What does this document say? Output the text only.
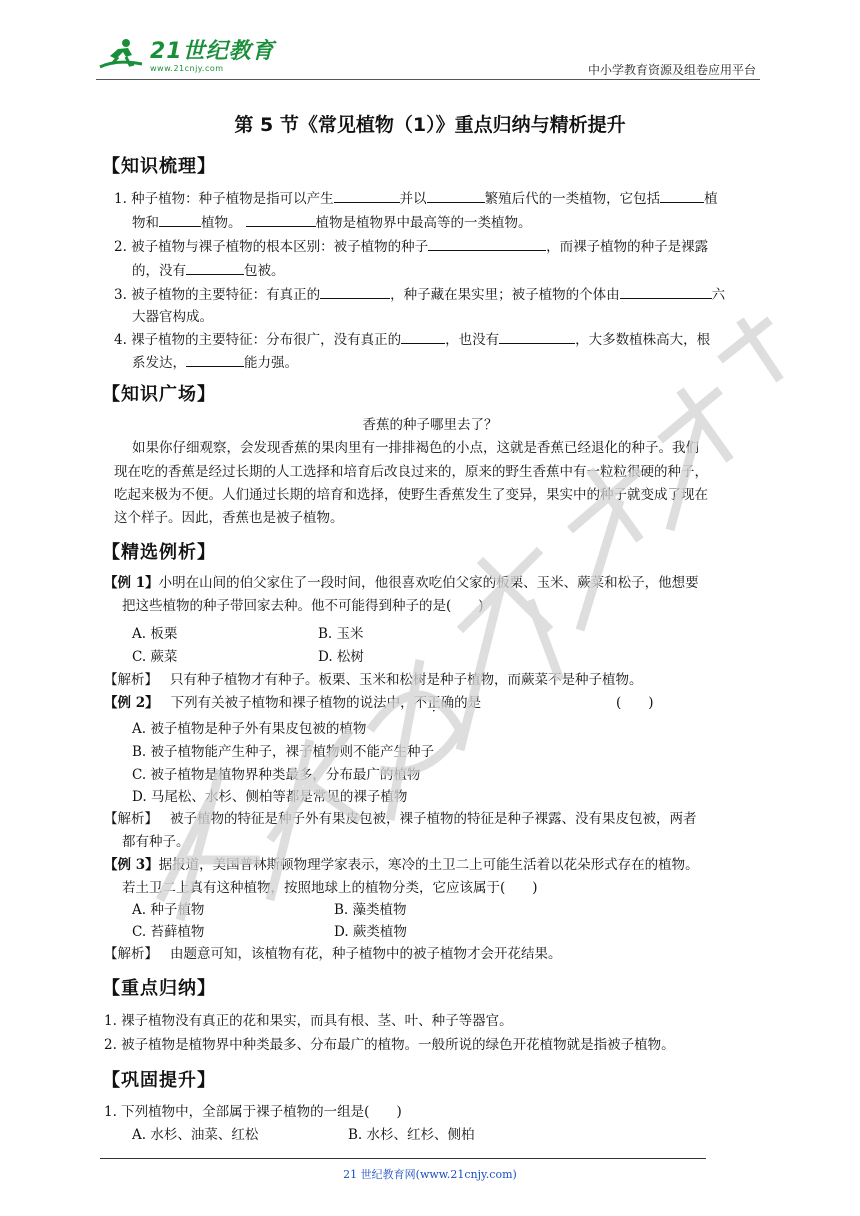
21世纪教育
www.21cnjy.com	中小学教育资源及组卷应用平台
第 5 节《常见植物（1）》重点归纳与精析提升
【知识梳理】
1. 种子植物：种子植物是指可以产生	并以	繁殖后代的一类植物，它包括	植
物和	植物。	植物是植物界中最高等的一类植物。
2. 被子植物与裸子植物的根本区别：被子植物的种子	，而裸子植物的种子是裸露
的，没有	包被。
3. 被子植物的主要特征：有真正的	，种子藏在果实里；被子植物的个体由	六
大器官构成。
4. 裸子植物的主要特征：分布很广，没有真正的	，也没有	，大多数植株高大，根
系发达，	能力强。
【知识广场】
香蕉的种子哪里去了？
如果你仔细观察，会发现香蕉的果肉里有一排排褐色的小点，这就是香蕉已经退化的种子。我们
现在吃的香蕉是经过长期的人工选择和培育后改良过来的，原来的野生香蕉中有一粒粒很硬的种子，
吃起来极为不便。人们通过长期的培育和选择，使野生香蕉发生了变异，果实中的种子就变成了现在
这个样子。因此，香蕉也是被子植物。
【精选例析】
【例 1】小明在山间的伯父家住了一段时间，他很喜欢吃伯父家的板栗、玉米、蕨菜和松子，他想要
把这些植物的种子带回家去种。他不可能得到种子的是(　　)
A. 板栗	B. 玉米
C. 蕨菜	D. 松树
【解析】 只有种子植物才有种子。板栗、玉米和松树是种子植物，而蕨菜不是种子植物。
【例 2】 下列有关被子植物和裸子植物的说法中，不正确的是	(　　)
A. 被子植物是种子外有果皮包被的植物
B. 被子植物能产生种子，裸子植物则不能产生种子
C. 被子植物是植物界种类最多，分布最广的植物
D. 马尾松、水杉、侧柏等都是常见的裸子植物
【解析】 被子植物的特征是种子外有果皮包被，裸子植物的特征是种子裸露、没有果皮包被，两者
都有种子。
【例 3】据报道，美国普林斯顿物理学家表示，寒冷的土卫二上可能生活着以花朵形式存在的植物。
若土卫二上真有这种植物，按照地球上的植物分类，它应该属于(　　)
A. 种子植物	B. 藻类植物
C. 苔藓植物	D. 蕨类植物
【解析】 由题意可知，该植物有花，种子植物中的被子植物才会开花结果。
【重点归纳】
1. 裸子植物没有真正的花和果实，而具有根、茎、叶、种子等器官。
2. 被子植物是植物界中种类最多、分布最广的植物。一般所说的绿色开花植物就是指被子植物。
【巩固提升】
1. 下列植物中，全部属于裸子植物的一组是(　　)
A. 水杉、油菜、红松	B. 水杉、红杉、侧柏
21 世纪教育网(www.21cnjy.com)
